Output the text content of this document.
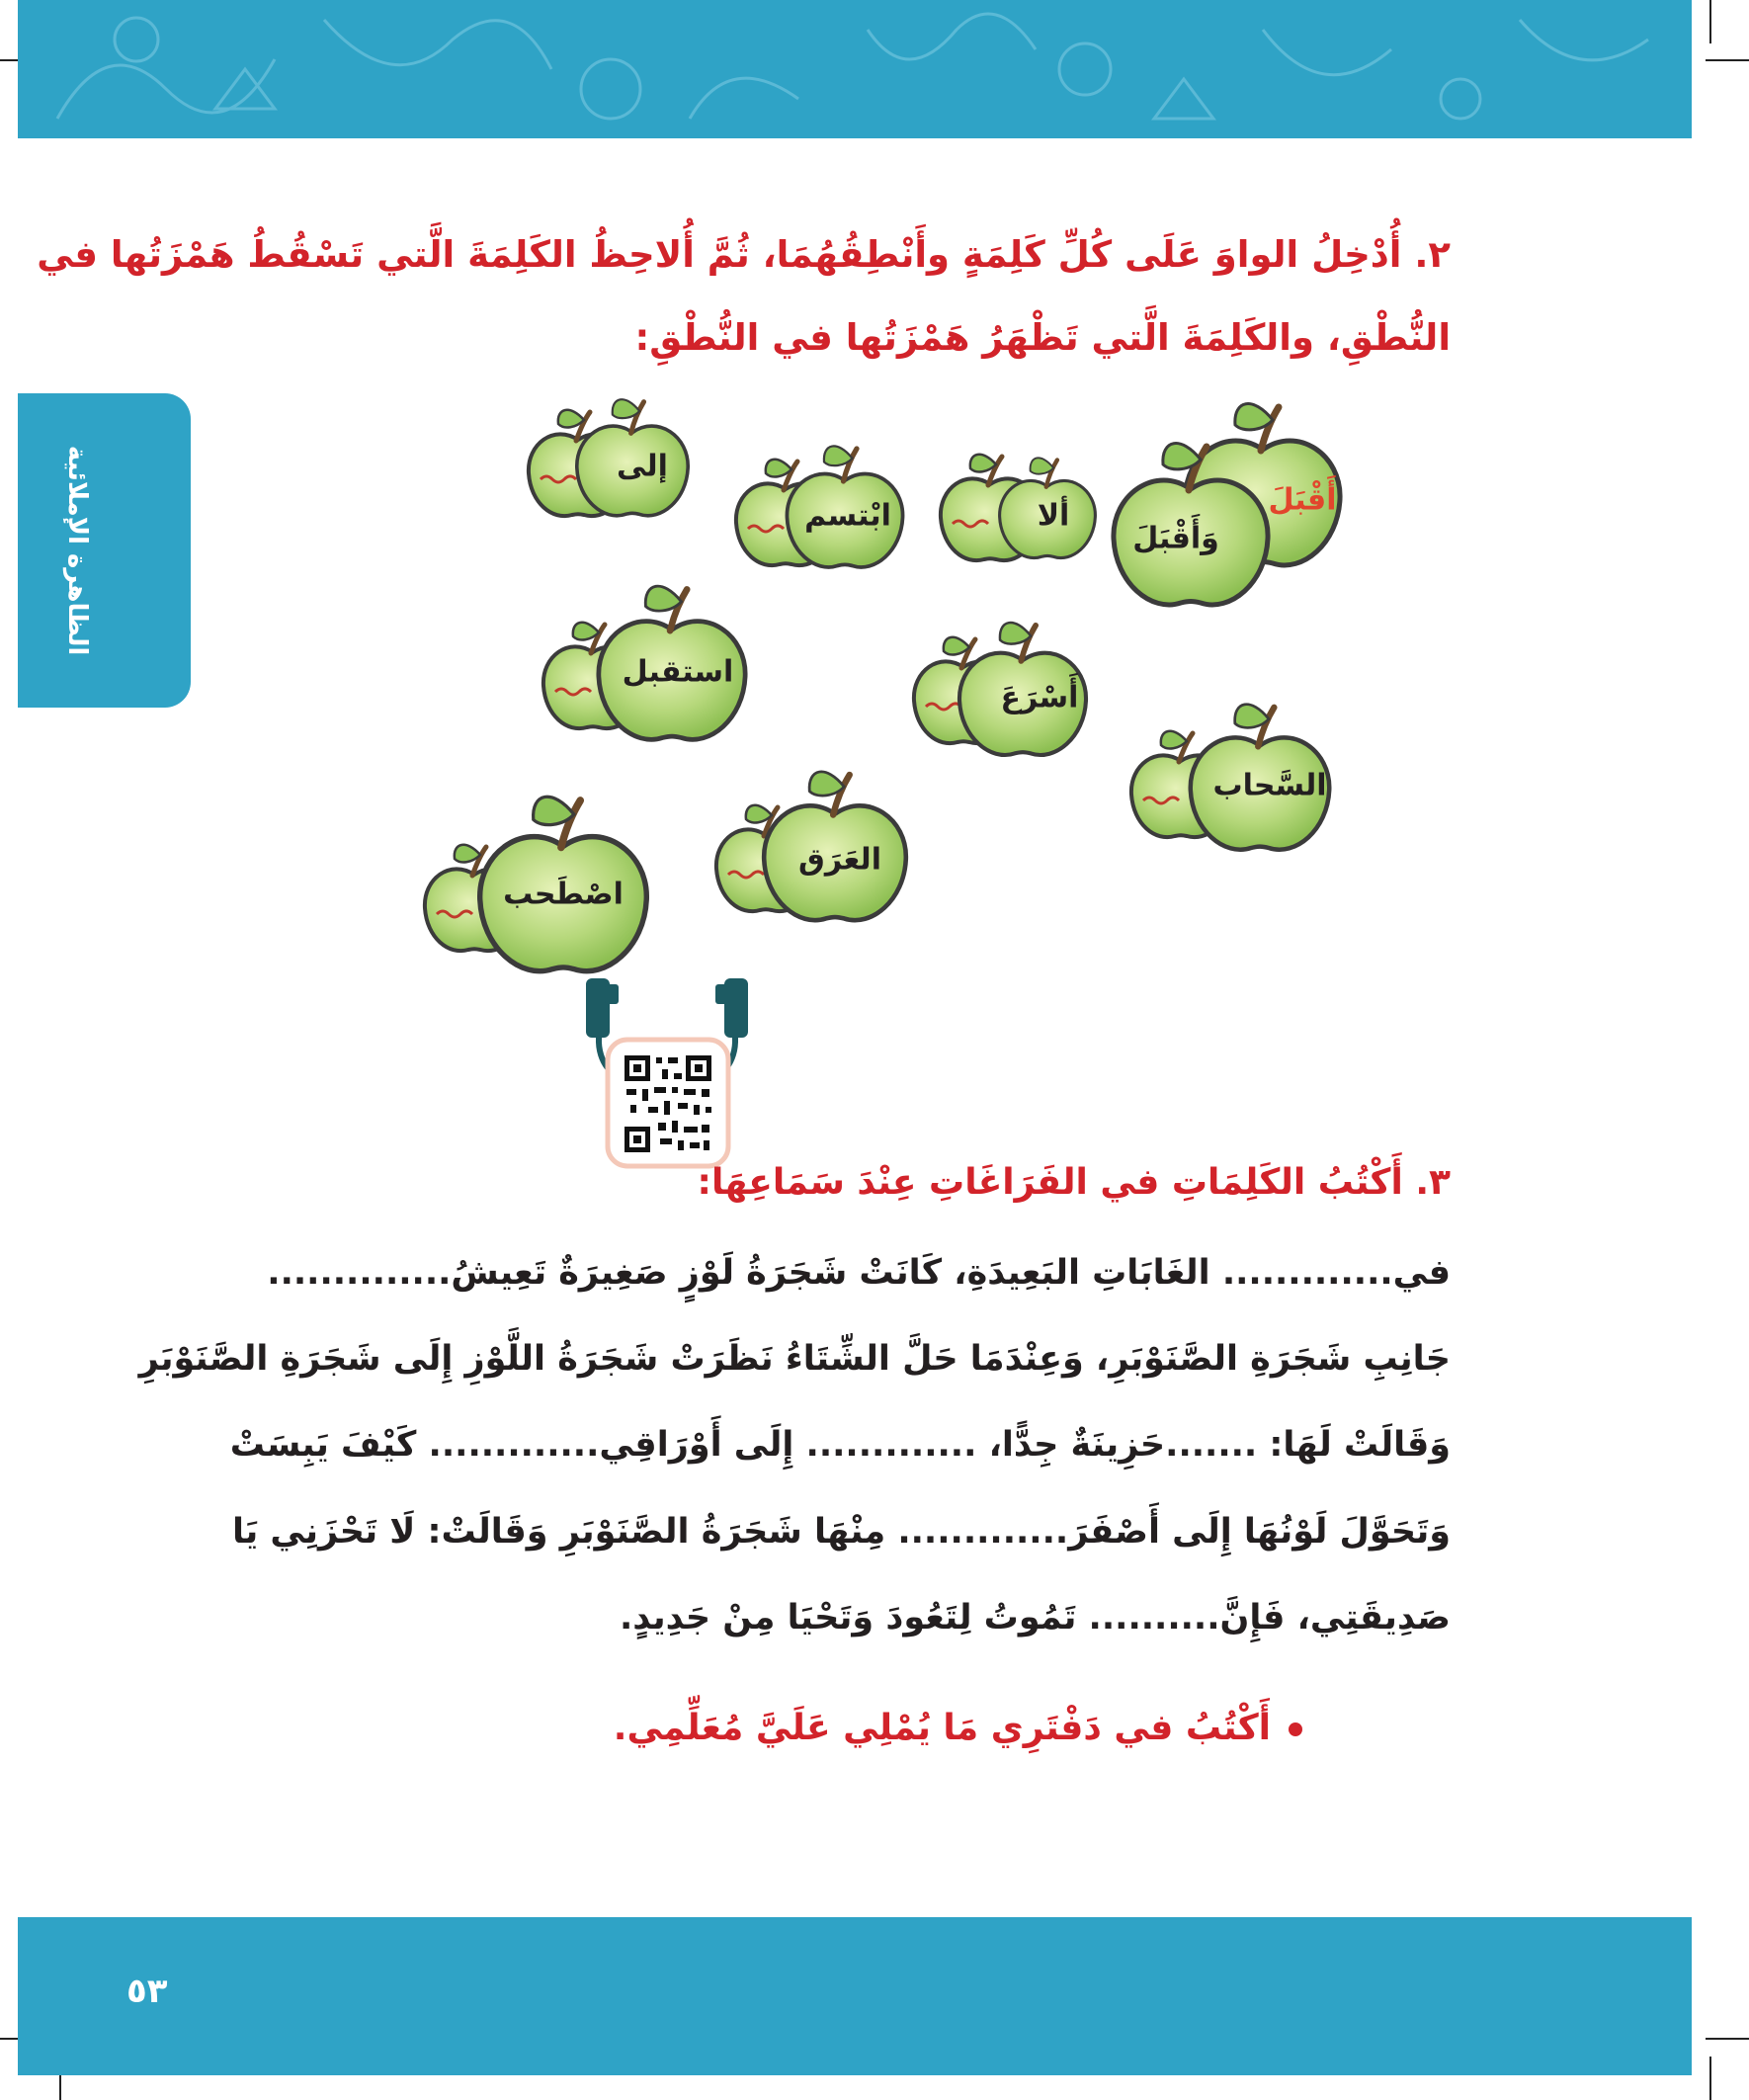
الظاهرة الإملائية
٢. أُدْخِلُ الواوَ عَلَى كُلِّ كَلِمَةٍ وأَنْطِقُهُمَا، ثُمَّ أُلاحِظُ الكَلِمَةَ الَّتي تَسْقُطُ هَمْزَتُها في
النُّطْقِ، والكَلِمَةَ الَّتي تَظْهَرُ هَمْزَتُها في النُّطْقِ:
أَقْبَلَ
وَأَقْبَلَ
ألا
ابْتسم
إلى
استقبل
أَسْرَعَ
السَّحاب
العَرَق
اصْطَحب
٣. أَكْتُبُ الكَلِمَاتِ في الفَرَاغَاتِ عِنْدَ سَمَاعِهَا:
في............. الغَابَاتِ البَعِيدَةِ، كَانَتْ شَجَرَةُ لَوْزٍ صَغِيرَةٌ تَعِيشُ..............
جَانِبِ شَجَرَةِ الصَّنَوْبَرِ، وَعِنْدَمَا حَلَّ الشِّتَاءُ نَظَرَتْ شَجَرَةُ اللَّوْزِ إِلَى شَجَرَةِ الصَّنَوْبَرِ
وَقَالَتْ لَهَا: .......حَزِينَةٌ جِدًّا، ............. إِلَى أَوْرَاقِي............. كَيْفَ يَبِسَتْ
وَتَحَوَّلَ لَوْنُهَا إِلَى أَصْفَرَ............. مِنْهَا شَجَرَةُ الصَّنَوْبَرِ وَقَالَتْ: لَا تَحْزَنِي يَا
صَدِيقَتِي، فَإِنَّ.......... تَمُوتُ لِتَعُودَ وَتَحْيَا مِنْ جَدِيدٍ.
أَكْتُبُ في دَفْتَرِي مَا يُمْلِي عَلَيَّ مُعَلِّمِي.
٥٣
